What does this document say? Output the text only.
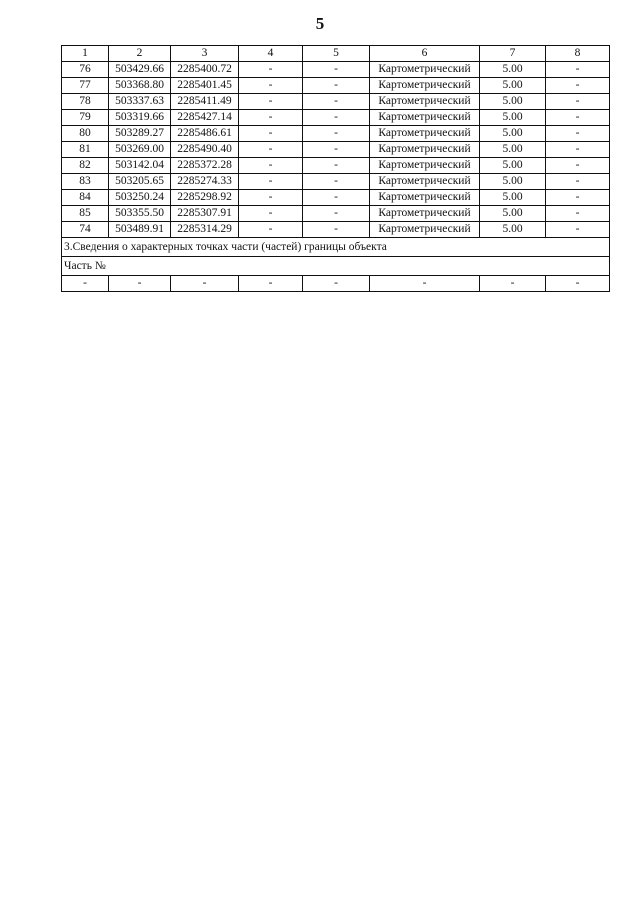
5
1	2	3	4	5	6	7	8
76	503429.66	2285400.72	-	-	Картометрический	5.00	-
77	503368.80	2285401.45	-	-	Картометрический	5.00	-
78	503337.63	2285411.49	-	-	Картометрический	5.00	-
79	503319.66	2285427.14	-	-	Картометрический	5.00	-
80	503289.27	2285486.61	-	-	Картометрический	5.00	-
81	503269.00	2285490.40	-	-	Картометрический	5.00	-
82	503142.04	2285372.28	-	-	Картометрический	5.00	-
83	503205.65	2285274.33	-	-	Картометрический	5.00	-
84	503250.24	2285298.92	-	-	Картометрический	5.00	-
85	503355.50	2285307.91	-	-	Картометрический	5.00	-
74	503489.91	2285314.29	-	-	Картометрический	5.00	-
3.Сведения о характерных точках части (частей) границы объекта							
Часть №							
-	-	-	-	-	-	-	-
